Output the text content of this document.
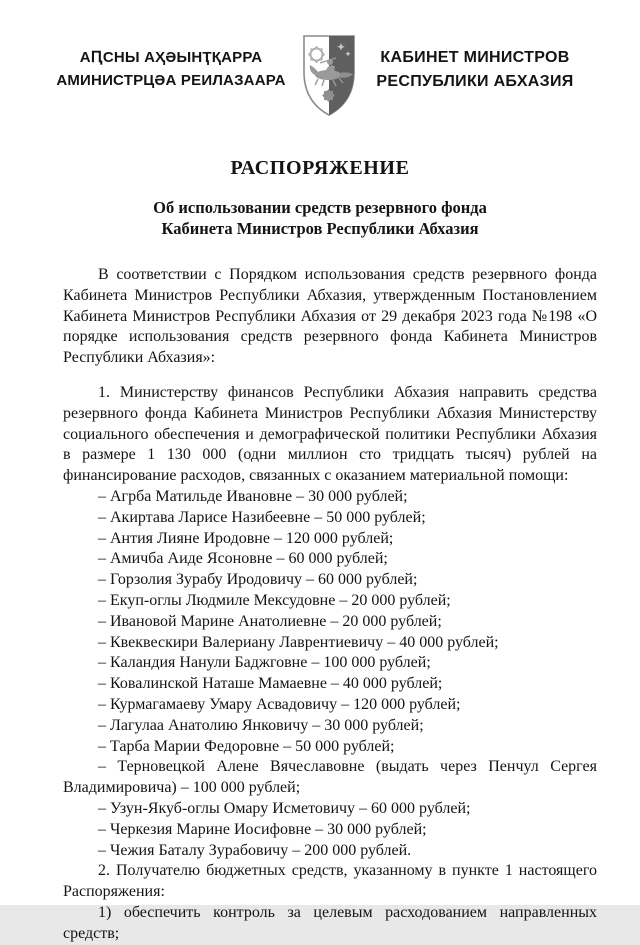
АԤСНЫ АҲӘЫНҬҚАРРА
АМИНИСТРЦӘА РЕИЛАЗААРА
КАБИНЕТ МИНИСТРОВ
РЕСПУБЛИКИ АБХАЗИЯ
РАСПОРЯЖЕНИЕ
Об использовании средств резервного фонда
Кабинета Министров Республики Абхазия

В соответствии с Порядком использования средств резервного фонда Кабинета Министров Республики Абхазия, утвержденным Постановлением Кабинета Министров Республики Абхазия от 29 декабря 2023 года №198 «О порядке использования средств резервного фонда Кабинета Министров Республики Абхазия»:

1. Министерству финансов Республики Абхазия направить средства резервного фонда Кабинета Министров Республики Абхазия Министерству социального обеспечения и демографической политики Республики Абхазия в размере 1 130 000 (одни миллион сто тридцать тысяч) рублей на финансирование расходов, связанных с оказанием материальной помощи:

– Агрба Матильде Ивановне – 30 000 рублей;

– Акиртава Ларисе Назибеевне – 50 000 рублей;

– Антия Лияне Иродовне – 120 000 рублей;

– Амичба Аиде Ясоновне – 60 000 рублей;

– Горзолия Зурабу Иродовичу – 60 000 рублей;

– Екуп-оглы Людмиле Мексудовне – 20 000 рублей;

– Ивановой Марине Анатолиевне – 20 000 рублей;

– Квеквескири Валериану Лаврентиевичу – 40 000 рублей;

– Каландия Нанули Баджговне – 100 000 рублей;

– Ковалинской Наташе Мамаевне – 40 000 рублей;

– Курмагамаеву Умару Асвадовичу – 120 000 рублей;

– Лагулаа Анатолию Янковичу – 30 000 рублей;

– Тарба Марии Федоровне – 50 000 рублей;

– Терновецкой Алене Вячеславовне (выдать через Пенчул Сергея Владимировича) – 100 000 рублей;

– Узун-Якуб-оглы Омару Исметовичу – 60 000 рублей;

– Черкезия Марине Иосифовне – 30 000 рублей;

– Чежия Баталу Зурабовичу – 200 000 рублей.

2. Получателю бюджетных средств, указанному в пункте 1 настоящего Распоряжения:

1) обеспечить контроль за целевым расходованием направленных средств;
